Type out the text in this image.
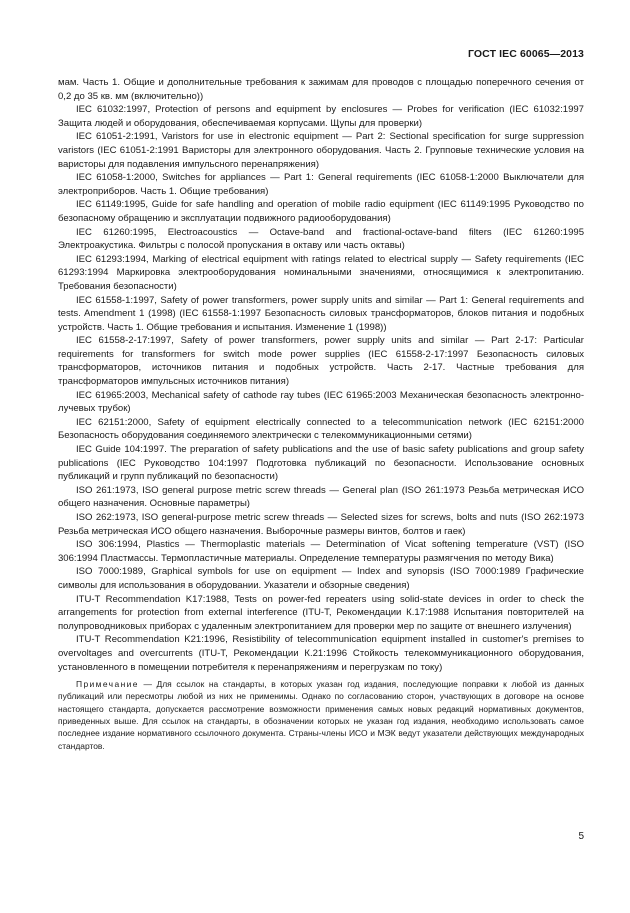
ГОСТ IEC 60065—2013

мам. Часть 1. Общие и дополнительные требования к зажимам для проводов с площадью поперечного сечения от 0,2 до 35 кв. мм (включительно))

IEC 61032:1997, Protection of persons and equipment by enclosures — Probes for verification (IEC 61032:1997 Защита людей и оборудования, обеспечиваемая корпусами. Щупы для проверки)

IEC 61051-2:1991, Varistors for use in electronic equipment — Part 2: Sectional specification for surge suppression varistors (IEC 61051-2:1991 Варисторы для электронного оборудования. Часть 2. Групповые технические условия на варисторы для подавления импульсного перенапряжения)

IEC 61058-1:2000, Switches for appliances — Part 1: General requirements (IEC 61058-1:2000 Выключатели для электроприборов. Часть 1. Общие требования)

IEC 61149:1995, Guide for safe handling and operation of mobile radio equipment (IEC 61149:1995 Руководство по безопасному обращению и эксплуатации подвижного радиооборудования)

IEC 61260:1995, Electroacoustics — Octave-band and fractional-octave-band filters (IEC 61260:1995 Электроакустика. Фильтры с полосой пропускания в октаву или часть октавы)

IEC 61293:1994, Marking of electrical equipment with ratings related to electrical supply — Safety requirements (IEC 61293:1994 Маркировка электрооборудования номинальными значениями, относящимися к электропитанию. Требования безопасности)

IEC 61558-1:1997, Safety of power transformers, power supply units and similar — Part 1: General requirements and tests. Amendment 1 (1998) (IEC 61558-1:1997 Безопасность силовых трансформаторов, блоков питания и подобных устройств. Часть 1. Общие требования и испытания. Изменение 1 (1998))

IEC 61558-2-17:1997, Safety of power transformers, power supply units and similar — Part 2-17: Particular requirements for transformers for switch mode power supplies (IEC 61558-2-17:1997 Безопасность силовых трансформаторов, источников питания и подобных устройств. Часть 2-17. Частные требования для трансформаторов импульсных источников питания)

IEC 61965:2003, Mechanical safety of cathode ray tubes (IEC 61965:2003 Механическая безопасность электронно-лучевых трубок)

IEC 62151:2000, Safety of equipment electrically connected to a telecommunication network (IEC 62151:2000 Безопасность оборудования соединяемого электрически с телекоммуникационными сетями)

IEC Guide 104:1997. The preparation of safety publications and the use of basic safety publications and group safety publications (IEC Руководство 104:1997 Подготовка публикаций по безопасности. Использование основных публикаций и групп публикаций по безопасности)

ISO 261:1973, ISO general purpose metric screw threads — General plan (ISO 261:1973 Резьба метрическая ИСО общего назначения. Основные параметры)

ISO 262:1973, ISO general-purpose metric screw threads — Selected sizes for screws, bolts and nuts (ISO 262:1973 Резьба метрическая ИСО общего назначения. Выборочные размеры винтов, болтов и гаек)

ISO 306:1994, Plastics — Thermoplastic materials — Determination of Vicat softening temperature (VST) (ISO 306:1994 Пластмассы. Термопластичные материалы. Определение температуры размягчения по методу Вика)

ISO 7000:1989, Graphical symbols for use on equipment — Index and synopsis (ISO 7000:1989 Графические символы для использования в оборудовании. Указатели и обзорные сведения)

ITU-T Recommendation K17:1988, Tests on power-fed repeaters using solid-state devices in order to check the arrangements for protection from external interference (ITU-T, Рекомендации К.17:1988 Испытания повторителей на полупроводниковых приборах с удаленным электропитанием для проверки мер по защите от внешнего излучения)

ITU-T Recommendation K21:1996, Resistibility of telecommunication equipment installed in customer's premises to overvoltages and overcurrents (ITU-T, Рекомендации К.21:1996 Стойкость телекоммуникационного оборудования, установленного в помещении потребителя к перенапряжениям и перегрузкам по току)

Примечание — Для ссылок на стандарты, в которых указан год издания, последующие поправки к любой из данных публикаций или пересмотры любой из них не применимы. Однако по согласованию сторон, участвующих в договоре на основе настоящего стандарта, допускается рассмотрение возможности применения самых новых редакций нормативных документов, приведенных выше. Для ссылок на стандарты, в обозначении которых не указан год издания, необходимо использовать самое последнее издание нормативного ссылочного документа. Страны-члены ИСО и МЭК ведут указатели действующих международных стандартов.

5
